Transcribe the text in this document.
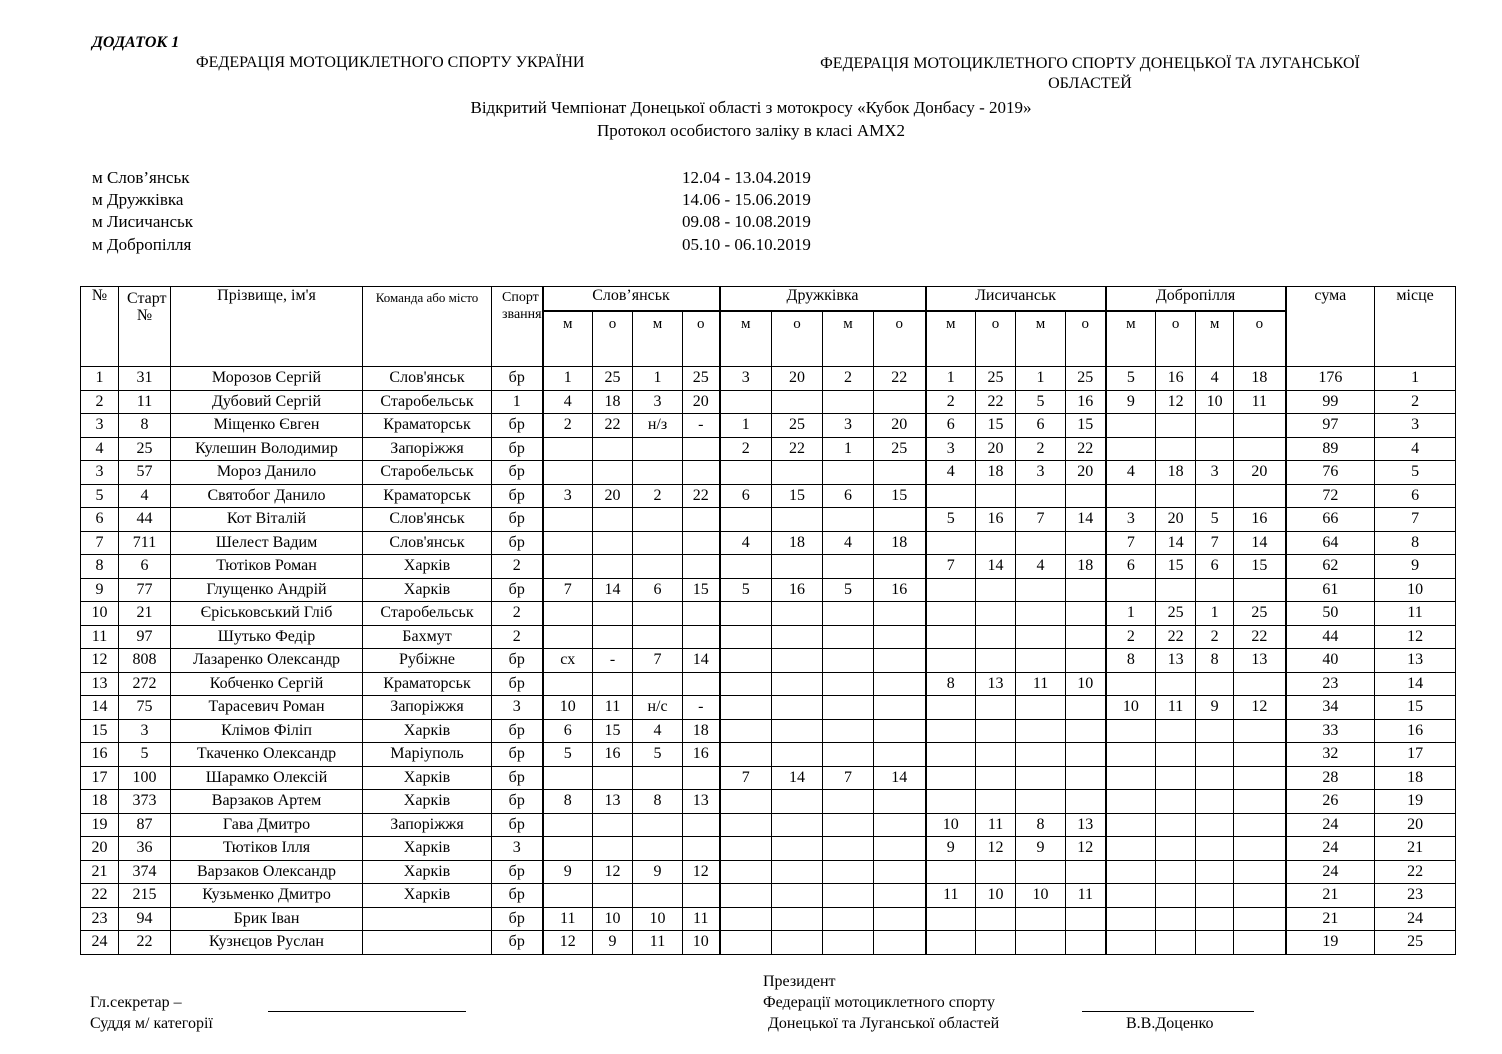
ДОДАТОК 1
ФЕДЕРАЦІЯ МОТОЦИКЛЕТНОГО СПОРТУ УКРАЇНИ	ФЕДЕРАЦІЯ МОТОЦИКЛЕТНОГО СПОРТУ ДОНЕЦЬКОЇ ТА ЛУГАНСЬКОЇ ОБЛАСТЕЙ
Відкритий Чемпіонат Донецької області з мотокросу «Кубок Донбасу - 2019»
Протокол особистого заліку в класі АМХ2
м Слов’янськ	12.04 - 13.04.2019
м Дружківка	14.06 - 15.06.2019
м Лисичанськ	09.08 - 10.08.2019
м Добропілля	05.10 - 06.10.2019
№	Старт №	Прізвище, ім'я	Команда або місто	Спорт звання	Слов’янськ				Дружківка				Лисичанськ				Добропілля				сума	місце
					м	о	м	о	м	о	м	о	м	о	м	о	м	о	м	о		
1	31	Морозов Сергій	Слов'янськ	бр	1	25	1	25	3	20	2	22	1	25	1	25	5	16	4	18	176	1
2	11	Дубовий Сергій	Старобельськ	1	4	18	3	20					2	22	5	16	9	12	10	11	99	2
3	8	Міщенко Євген	Краматорськ	бр	2	22	н/з	-	1	25	3	20	6	15	6	15					97	3
4	25	Кулешин Володимир	Запоріжжя	бр					2	22	1	25	3	20	2	22					89	4
3	57	Мороз Данило	Старобельськ	бр									4	18	3	20	4	18	3	20	76	5
5	4	Святобог Данило	Краматорськ	бр	3	20	2	22	6	15	6	15									72	6
6	44	Кот Віталій	Слов'янськ	бр									5	16	7	14	3	20	5	16	66	7
7	711	Шелест Вадим	Слов'янськ	бр					4	18	4	18					7	14	7	14	64	8
8	6	Тютіков Роман	Харків	2									7	14	4	18	6	15	6	15	62	9
9	77	Глущенко Андрій	Харків	бр	7	14	6	15	5	16	5	16									61	10
10	21	Єріськовський Гліб	Старобельськ	2													1	25	1	25	50	11
11	97	Шутько Федір	Бахмут	2													2	22	2	22	44	12
12	808	Лазаренко Олександр	Рубіжне	бр	сх	-	7	14									8	13	8	13	40	13
13	272	Кобченко Сергій	Краматорськ	бр									8	13	11	10					23	14
14	75	Тарасевич Роман	Запоріжжя	3	10	11	н/с	-									10	11	9	12	34	15
15	3	Клімов Філіп	Харків	бр	6	15	4	18													33	16
16	5	Ткаченко Олександр	Маріуполь	бр	5	16	5	16													32	17
17	100	Шарамко Олексій	Харків	бр					7	14	7	14									28	18
18	373	Варзаков Артем	Харків	бр	8	13	8	13													26	19
19	87	Гава Дмитро	Запоріжжя	бр									10	11	8	13					24	20
20	36	Тютіков Ілля	Харків	3									9	12	9	12					24	21
21	374	Варзаков Олександр	Харків	бр	9	12	9	12													24	22
22	215	Кузьменко Дмитро	Харків	бр									11	10	10	11					21	23
23	94	Брик Іван		бр	11	10	10	11													21	24
24	22	Кузнєцов Руслан		бр	12	9	11	10													19	25
Гл.секретар –
Суддя м/ категорії
Президент
Федерації мотоциклетного спорту
Донецької та Луганської областей	В.В.Доценко
